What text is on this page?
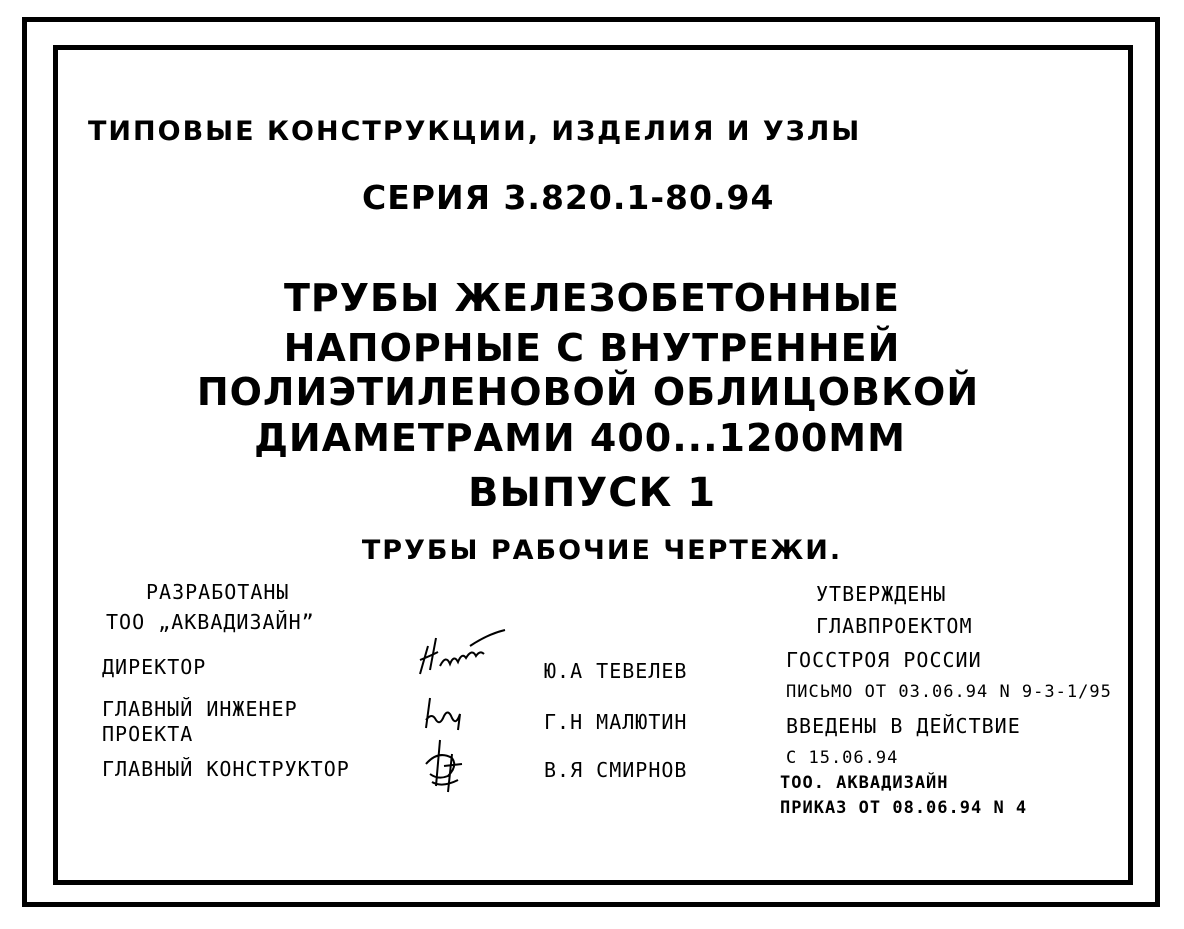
ТИПОВЫЕ КОНСТРУКЦИИ, ИЗДЕЛИЯ И УЗЛЫ
СЕРИЯ 3.820.1-80.94
ТРУБЫ ЖЕЛЕЗОБЕТОННЫЕ
НАПОРНЫЕ С ВНУТРЕННЕЙ
ПОЛИЭТИЛЕНОВОЙ ОБЛИЦОВКОЙ
ДИАМЕТРАМИ 400...1200ММ
ВЫПУСК 1
ТРУБЫ РАБОЧИЕ ЧЕРТЕЖИ.
РАЗРАБОТАНЫ
ТОО „АКВАДИЗАЙН”
ДИРЕКТОР
ГЛАВНЫЙ ИНЖЕНЕР
ПРОЕКТА
ГЛАВНЫЙ КОНСТРУКТОР
Ю.А ТЕВЕЛЕВ
Г.Н МАЛЮТИН
В.Я СМИРНОВ
УТВЕРЖДЕНЫ
ГЛАВПРОЕКТОМ
ГОССТРОЯ РОССИИ
ПИСЬМО ОТ 03.06.94 N 9-3-1/95
ВВЕДЕНЫ В ДЕЙСТВИЕ
С 15.06.94
ТОО. АКВАДИЗАЙН
ПРИКАЗ ОТ 08.06.94 N 4
